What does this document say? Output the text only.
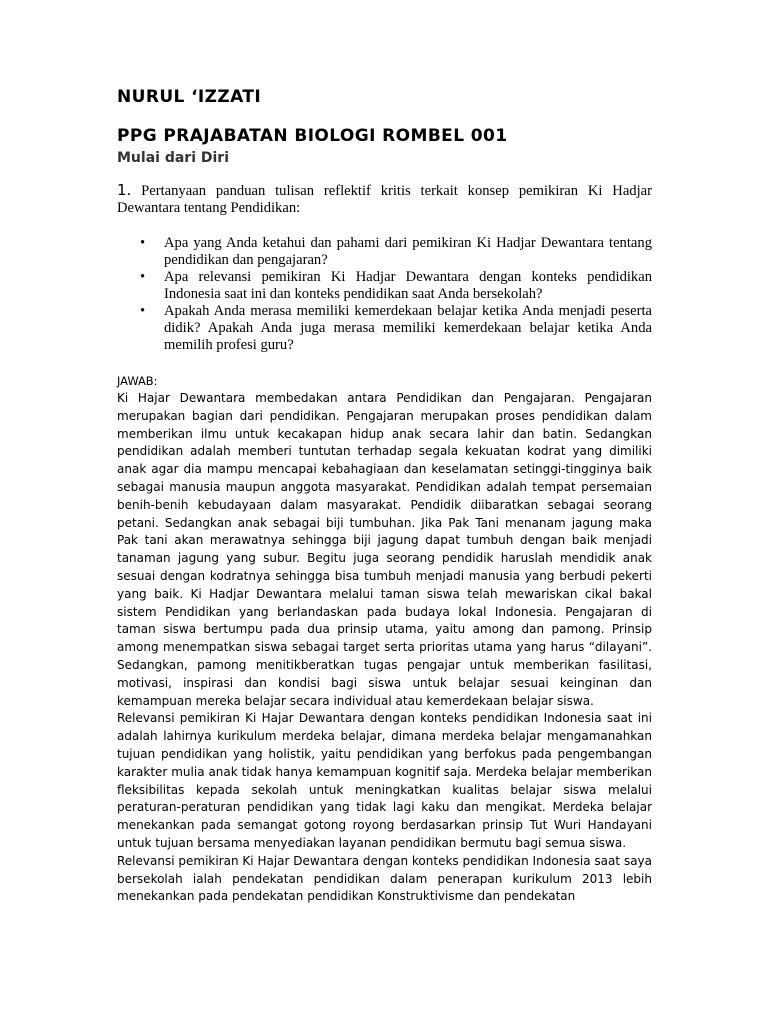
NURUL ‘IZZATI
PPG PRAJABATAN BIOLOGI ROMBEL 001
Mulai dari Diri

1. Pertanyaan panduan tulisan reflektif kritis terkait konsep pemikiran Ki Hadjar Dewantara tentang Pendidikan:

• Apa yang Anda ketahui dan pahami dari pemikiran Ki Hadjar Dewantara tentang pendidikan dan pengajaran?
• Apa relevansi pemikiran Ki Hadjar Dewantara dengan konteks pendidikan Indonesia saat ini dan konteks pendidikan saat Anda bersekolah?
• Apakah Anda merasa memiliki kemerdekaan belajar ketika Anda menjadi peserta didik? Apakah Anda juga merasa memiliki kemerdekaan belajar ketika Anda memilih profesi guru?

JAWAB:

Ki Hajar Dewantara membedakan antara Pendidikan dan Pengajaran. Pengajaran merupakan bagian dari pendidikan. Pengajaran merupakan proses pendidikan dalam memberikan ilmu untuk kecakapan hidup anak secara lahir dan batin. Sedangkan pendidikan adalah memberi tuntutan terhadap segala kekuatan kodrat yang dimiliki anak agar dia mampu mencapai kebahagiaan dan keselamatan setinggi-tingginya baik sebagai manusia maupun anggota masyarakat. Pendidikan adalah tempat persemaian benih-benih kebudayaan dalam masyarakat. Pendidik diibaratkan sebagai seorang petani. Sedangkan anak sebagai biji tumbuhan. Jika Pak Tani menanam jagung maka Pak tani akan merawatnya sehingga biji jagung dapat tumbuh dengan baik menjadi tanaman jagung yang subur. Begitu juga seorang pendidik haruslah mendidik anak sesuai dengan kodratnya sehingga bisa tumbuh menjadi manusia yang berbudi pekerti yang baik. Ki Hadjar Dewantara melalui taman siswa telah mewariskan cikal bakal sistem Pendidikan yang berlandaskan pada budaya lokal Indonesia. Pengajaran di taman siswa bertumpu pada dua prinsip utama, yaitu among dan pamong. Prinsip among menempatkan siswa sebagai target serta prioritas utama yang harus “dilayani”. Sedangkan, pamong menitikberatkan tugas pengajar untuk memberikan fasilitasi, motivasi, inspirasi dan kondisi bagi siswa untuk belajar sesuai keinginan dan kemampuan mereka belajar secara individual atau kemerdekaan belajar siswa.

Relevansi pemikiran Ki Hajar Dewantara dengan konteks pendidikan Indonesia saat ini adalah lahirnya kurikulum merdeka belajar, dimana merdeka belajar mengamanahkan tujuan pendidikan yang holistik, yaitu pendidikan yang berfokus pada pengembangan karakter mulia anak tidak hanya kemampuan kognitif saja. Merdeka belajar memberikan fleksibilitas kepada sekolah untuk meningkatkan kualitas belajar siswa melalui peraturan-peraturan pendidikan yang tidak lagi kaku dan mengikat. Merdeka belajar menekankan pada semangat gotong royong berdasarkan prinsip Tut Wuri Handayani untuk tujuan bersama menyediakan layanan pendidikan bermutu bagi semua siswa.

Relevansi pemikiran Ki Hajar Dewantara dengan konteks pendidikan Indonesia saat saya bersekolah ialah pendekatan pendidikan dalam penerapan kurikulum 2013 lebih menekankan pada pendekatan pendidikan Konstruktivisme dan pendekatan
